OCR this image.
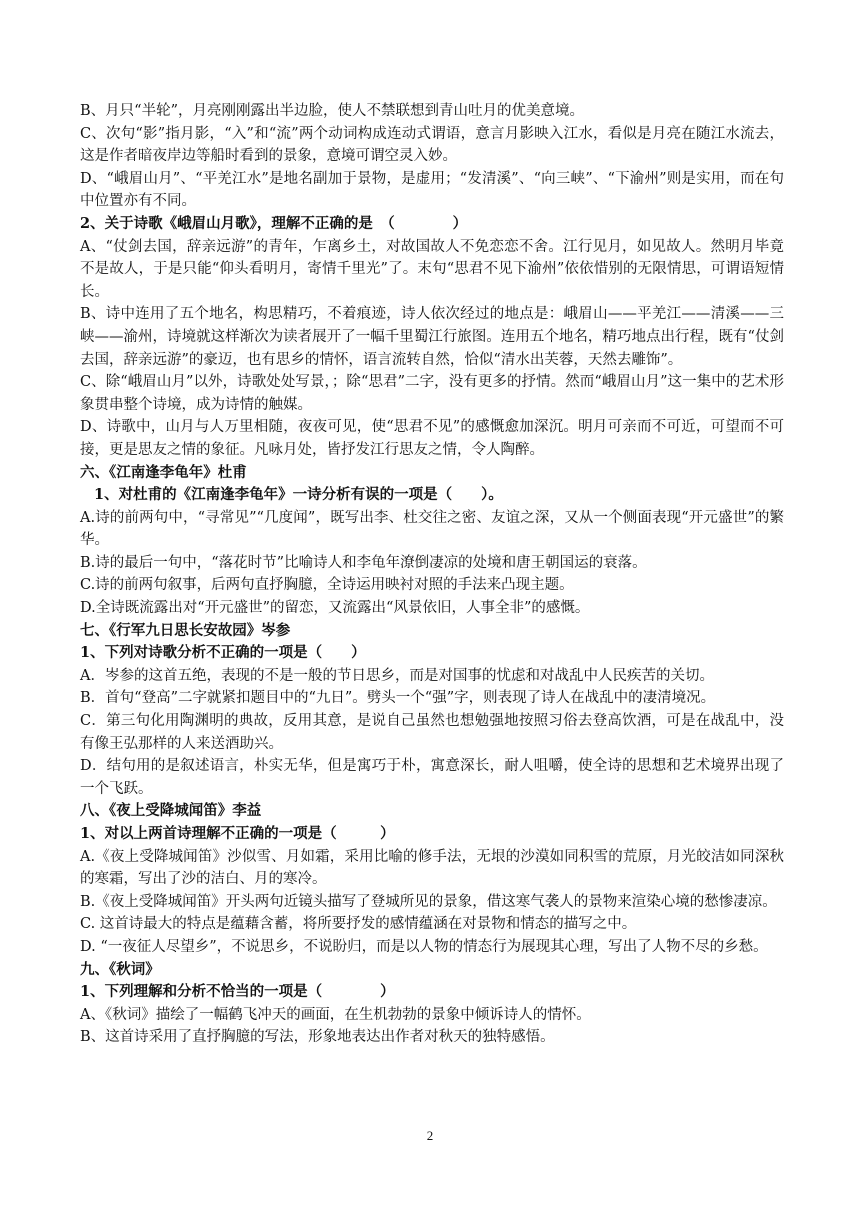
B、月只“半轮”，月亮刚刚露出半边脸，使人不禁联想到青山吐月的优美意境。

C、次句“影”指月影，“入”和“流”两个动词构成连动式谓语，意言月影映入江水，看似是月亮在随江水流去，这是作者暗夜岸边等船时看到的景象，意境可谓空灵入妙。

D、“峨眉山月”、“平羌江水”是地名副加于景物，是虚用；“发清溪”、“向三峡”、“下渝州”则是实用，而在句中位置亦有不同。

2、关于诗歌《峨眉山月歌》，理解不正确的是　（　　　　）

A、“仗剑去国，辞亲远游”的青年，乍离乡土，对故国故人不免恋恋不舍。江行见月，如见故人。然明月毕竟不是故人，于是只能“仰头看明月，寄情千里光”了。末句“思君不见下渝州”依依惜别的无限情思，可谓语短情长。

B、诗中连用了五个地名，构思精巧，不着痕迹，诗人依次经过的地点是：峨眉山——平羌江——清溪——三峡——渝州，诗境就这样渐次为读者展开了一幅千里蜀江行旅图。连用五个地名，精巧地点出行程，既有“仗剑去国，辞亲远游”的豪迈，也有思乡的情怀，语言流转自然，恰似“清水出芙蓉，天然去雕饰”。

C、除“峨眉山月”以外，诗歌处处写景，；除“思君”二字，没有更多的抒情。然而“峨眉山月”这一集中的艺术形象贯串整个诗境，成为诗情的触媒。

D、诗歌中，山月与人万里相随，夜夜可见，使“思君不见”的感慨愈加深沉。明月可亲而不可近，可望而不可接，更是思友之情的象征。凡咏月处，皆抒发江行思友之情，令人陶醉。

六、《江南逢李龟年》杜甫

1、对杜甫的《江南逢李龟年》一诗分析有误的一项是（　　）。

A.诗的前两句中，“寻常见”“几度闻”，既写出李、杜交往之密、友谊之深，又从一个侧面表现“开元盛世”的繁华。

B.诗的最后一句中，“落花时节”比喻诗人和李龟年潦倒凄凉的处境和唐王朝国运的衰落。

C.诗的前两句叙事，后两句直抒胸臆，全诗运用映衬对照的手法来凸现主题。

D.全诗既流露出对“开元盛世”的留恋，又流露出“风景依旧，人事全非”的感慨。

七、《行军九日思长安故园》岑参

1、下列对诗歌分析不正确的一项是（　　）

A．岑参的这首五绝，表现的不是一般的节日思乡，而是对国事的忧虑和对战乱中人民疾苦的关切。

B．首句“登高”二字就紧扣题目中的“九日”。劈头一个“强”字，则表现了诗人在战乱中的凄清境况。

C．第三句化用陶渊明的典故，反用其意，是说自己虽然也想勉强地按照习俗去登高饮酒，可是在战乱中，没有像王弘那样的人来送酒助兴。

D．结句用的是叙述语言，朴实无华，但是寓巧于朴，寓意深长，耐人咀嚼，使全诗的思想和艺术境界出现了一个飞跃。

八、《夜上受降城闻笛》李益

1、对以上两首诗理解不正确的一项是（　　　）

A.《夜上受降城闻笛》沙似雪、月如霜，采用比喻的修手法，无垠的沙漠如同积雪的荒原，月光皎洁如同深秋的寒霜，写出了沙的洁白、月的寒冷。

B.《夜上受降城闻笛》开头两句近镜头描写了登城所见的景象，借这寒气袭人的景物来渲染心境的愁惨凄凉。

C. 这首诗最大的特点是蕴藉含蓄，将所要抒发的感情蕴涵在对景物和情态的描写之中。

D. “一夜征人尽望乡”，不说思乡，不说盼归，而是以人物的情态行为展现其心理，写出了人物不尽的乡愁。

九、《秋词》

1、下列理解和分析不恰当的一项是（　　　　）

A、《秋词》描绘了一幅鹤飞冲天的画面，在生机勃勃的景象中倾诉诗人的情怀。

B、这首诗采用了直抒胸臆的写法，形象地表达出作者对秋天的独特感悟。

2
